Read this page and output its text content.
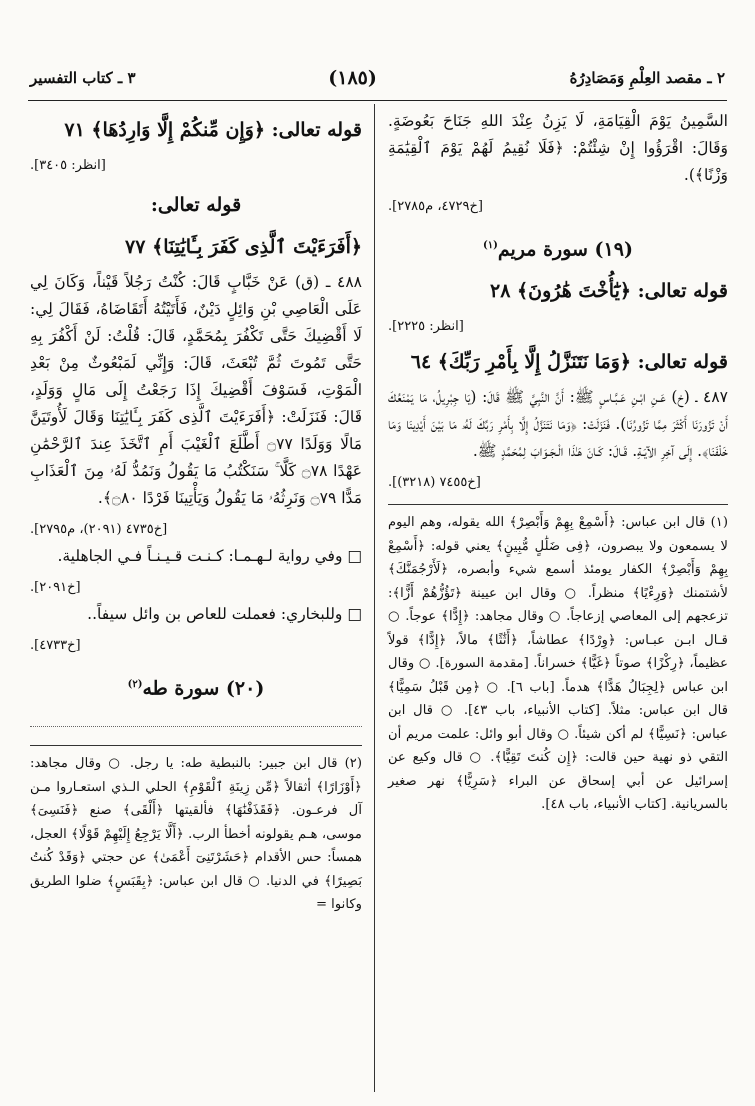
٢ ـ مقصد العِلْمِ وَمَصَادِرُهُ
(١٨٥)
٣ ـ كتاب التفسير

السَّمِينُ يَوْمَ الْقِيَامَةِ، لَا يَزِنُ عِنْدَ اللهِ جَنَاحَ بَعُوضَةٍ. وَقَالَ: اقْرَؤُوا إِنْ شِئْتُمْ: ﴿فَلَا نُقِيمُ لَهُمْ يَوْمَ ٱلْقِيَٰمَةِ وَزْنًا﴾).

[خ٤٧٢٩، م٢٧٨٥].
(١٩) سورة مريم$^{(١)}$
قوله تعالى: ﴿يَٰٓأُخْتَ هَٰرُونَ﴾ ٢٨
[انظر: ٢٢٢٥].
قوله تعالى: ﴿وَمَا نَتَنَزَّلُ إِلَّا بِأَمْرِ رَبِّكَ﴾ ٦٤

٤٨٧ ـ (خ) عَـنِ ابْـنِ عَـبَّـاسٍ ﷺ: أَنَّ النَّبِيَّ ﷺ قَالَ: (يَا جِبْرِيلُ، مَا يَمْنَعُكَ أَنْ تَزُورَنَا أَكْثَرَ مِمَّا تَزُورُنَا). فَنَزَلَتْ: ﴿وَمَا نَتَنَزَّلُ إِلَّا بِأَمْرِ رَبِّكَ لَهُۥ مَا بَيْنَ أَيْدِينَا وَمَا خَلْفَنَا﴾. إِلَى آخِرِ الآيَـةِ. قَـالَ: كَـانَ هَـٰذَا الْـجَـوَابَ لِمُحَمَّدٍ ﷺ.

[خ٧٤٥٥ (٣٢١٨)].
(١) قال ابن عباس: ﴿أَسْمِعْ بِهِمْ وَأَبْصِرْ﴾ الله يقوله، وهم اليوم لا يسمعون ولا يبصرون، ﴿فِى ضَلَٰلٍ مُّبِينٍ﴾ يعني قوله: ﴿أَسْمِعْ بِهِمْ وَأَبْصِرْ﴾ الكفار يومئذ أسمع شيء وأبصره، ﴿لَأَرْجُمَنَّكَ﴾ لأشتمنك ﴿وَرِءْيًا﴾ منظراً. ○ وقال ابن عيينة ﴿تَؤُزُّهُمْ أَزًّا﴾: تزعجهم إلى المعاصي إزعاجاً. ○ وقال مجاهد: ﴿إِدًّا﴾ عوجاً. ○ قـال ابـن عبـاس: ﴿وِرْدًا﴾ عطاشاً، ﴿أَثَٰثًا﴾ مالاً، ﴿إِدًّا﴾ قولاً عظيماً، ﴿رِكْزًا﴾ صوتاً ﴿غَيًّا﴾ خسراناً. [مقدمة السورة]. ○ وقال ابن عباس ﴿لِجِبَالُ هَدًّا﴾ هدماً. [باب ٦]. ○ ﴿مِن قَبْلُ سَمِيًّا﴾ قال ابن عباس: مثلاً. [كتاب الأنبياء، باب ٤٣]. ○ قال ابن عباس: ﴿نَسِيًّا﴾ لم أكن شيئاً. ○ وقال أبو وائل: علمت مريم أن التقي ذو نهية حين قالت: ﴿إِن كُنتَ تَقِيًّا﴾. ○ قال وكيع عن إسرائيل عن أبي إسحاق عن البراء ﴿سَرِيًّا﴾ نهر صغير بالسريانية. [كتاب الأنبياء، باب ٤٨].
قوله تعالى: ﴿وَإِن مِّنكُمْ إِلَّا وَارِدُهَا﴾ ٧١
[انظر: ٣٤٠٥].
قوله تعالى:
﴿أَفَرَءَيْتَ ٱلَّذِى كَفَرَ بِـَٔايَٰتِنَا﴾ ٧٧

٤٨٨ ـ (ق) عَنْ خَبَّابٍ قَالَ: كُنْتُ رَجُلاً قَيْناً، وَكَانَ لِي عَلَى الْعَاصِي بْنِ وَائِلٍ دَيْنٌ، فَأَتَيْتُهُ أَتَقَاضَاهُ، فَقَالَ لِي: لَا أَقْضِيكَ حَتَّى تَكْفُرَ بِمُحَمَّدٍ، قَالَ: قُلْتُ: لَنْ أَكْفُرَ بِهِ حَتَّى تَمُوتَ ثُمَّ تُبْعَثَ، قَالَ: وَإِنِّي لَمَبْعُوثٌ مِنْ بَعْدِ الْمَوْتِ، فَسَوْفَ أَقْضِيكَ إِذَا رَجَعْتُ إِلَى مَالٍ وَوَلَدٍ، قَالَ: فَنَزَلَتْ: ﴿أَفَرَءَيْتَ ٱلَّذِى كَفَرَ بِـَٔايَٰتِنَا وَقَالَ لَأُوتَيَنَّ مَالًا وَوَلَدًا ۝٧٧ أَطَّلَعَ ٱلْغَيْبَ أَمِ ٱتَّخَذَ عِندَ ٱلرَّحْمَٰنِ عَهْدًا ۝٧٨ كَلَّا ۚ سَنَكْتُبُ مَا يَقُولُ وَنَمُدُّ لَهُۥ مِنَ ٱلْعَذَابِ مَدًّا ۝٧٩ وَنَرِثُهُۥ مَا يَقُولُ وَيَأْتِينَا فَرْدًا ۝٨٠﴾.

[خ٤٧٣٥ (٢٠٩١)، م٢٧٩٥].

□ وفي رواية لـهـمـا: كـنـت قـيـنـاً فـي الجاهلية.

[خ٢٠٩١].

□ وللبخاري: فعملت للعاص بن وائل سيفاً..

[خ٤٧٣٣].
(٢٠) سورة طه$^{(٢)}$
(٢) قال ابن جبير: بالنبطية طه: يا رجل. ○ وقال مجاهد: ﴿أَوْزَارًا﴾ أثقالاً ﴿مِّن زِينَةِ ٱلْقَوْمِ﴾ الحلي الـذي استعـاروا مـن آل فرعـون. ﴿فَقَذَفْنَٰهَا﴾ فألقيتها ﴿أَلْقَى﴾ صنع ﴿فَنَسِىَ﴾ موسى، هـم يقولونه أخطأ الرب. ﴿أَلَّا يَرْجِعُ إِلَيْهِمْ قَوْلًا﴾ العجل، همساً: حس الأقدام ﴿حَشَرْتَنِىٓ أَعْمَىٰ﴾ عن حجتي ﴿وَقَدْ كُنتُ بَصِيرًا﴾ في الدنيا. ○ قال ابن عباس: ﴿بِقَبَسٍ﴾ ضلوا الطريق وكانوا =
